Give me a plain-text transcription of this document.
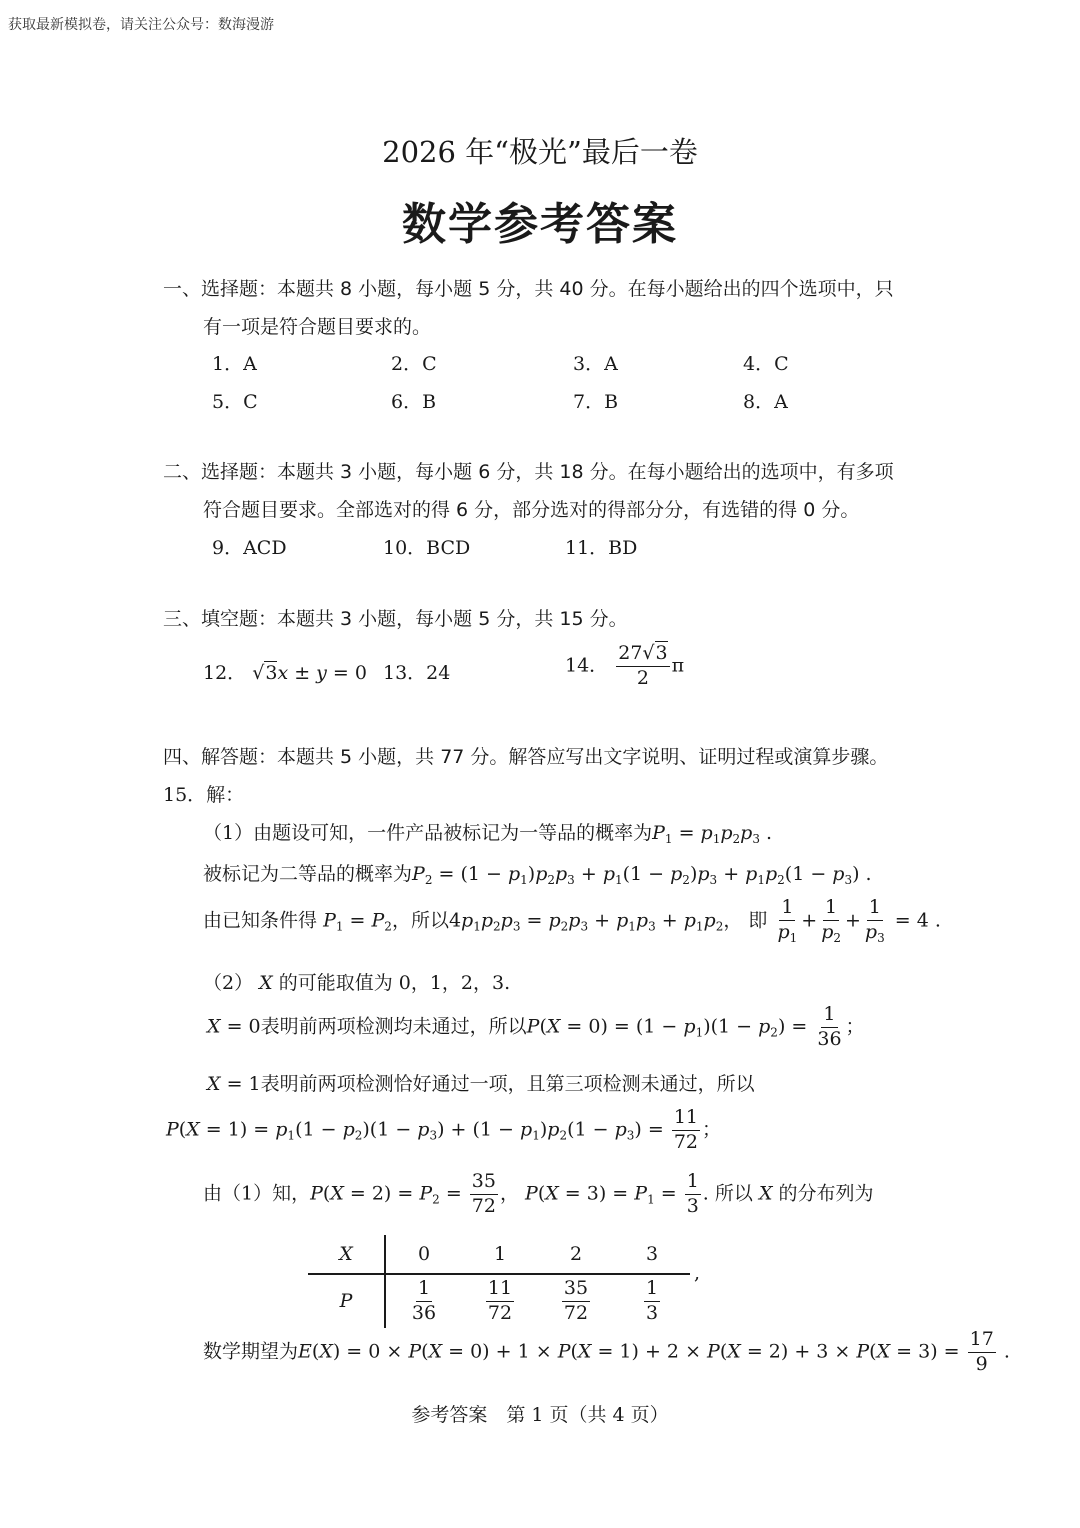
获取最新模拟卷，请关注公众号：数海漫游
2026 年“极光”最后一卷
数学参考答案
一、选择题：本题共 8 小题，每小题 5 分，共 40 分。在每小题给出的四个选项中，只
有一项是符合题目要求的。
1．A	2．C	3．A	4．C
5．C	6．B	7．B	8．A
二、选择题：本题共 3 小题，每小题 6 分，共 18 分。在每小题给出的选项中，有多项
符合题目要求。全部选对的得 6 分，部分选对的得部分分，有选错的得 0 分。
9．ACD	10．BCD	11．BD
三、填空题：本题共 3 小题，每小题 5 分，共 15 分。
12． √3x ± y = 0 13．24	14． $\frac{27√3}{2}$ π
四、解答题：本题共 5 小题，共 77 分。解答应写出文字说明、证明过程或演算步骤。
15．解：
（1）由题设可知，一件产品被标记为一等品的概率为$P_1 = p_1p_2p_3$ .
被标记为二等品的概率为$P_2 = (1 - p_1)p_2p_3 + p_1(1 - p_2)p_3 + p_1p_2(1 - p_3)$ .
由已知条件得 $P_1 = P_2$，所以$4p_1p_2p_3 = p_2p_3 + p_1p_3 + p_1p_2$， 即 $\frac{1}{p_1} + \frac{1}{p_2} + \frac{1}{p_3} = 4$ .
（2） X 的可能取值为 0，1，2，3.
X = 0表明前两项检测均未通过，所以$P(X = 0) = (1 - p_1)(1 - p_2) = \frac{1}{36}$ ；
X = 1表明前两项检测恰好通过一项，且第三项检测未通过，所以
$P(X = 1) = p_1(1 - p_2)(1 - p_3) + (1 - p_1)p_2(1 - p_3) = \frac{11}{72}$ ；
由（1）知，$P(X = 2) = P_2 = \frac{35}{72}$ ， $P(X = 3) = P_1 = \frac{1}{3}$ . 所以 X 的分布列为
X	0	1	2	3
P	$\frac{1}{36}$	$\frac{11}{72}$	$\frac{35}{72}$	$\frac{1}{3}$
,
数学期望为$E(X) = 0 \times P(X = 0) + 1 \times P(X = 1) + 2 \times P(X = 2) + 3 \times P(X = 3) = \frac{17}{9}$ .
参考答案　第 1 页（共 4 页）
